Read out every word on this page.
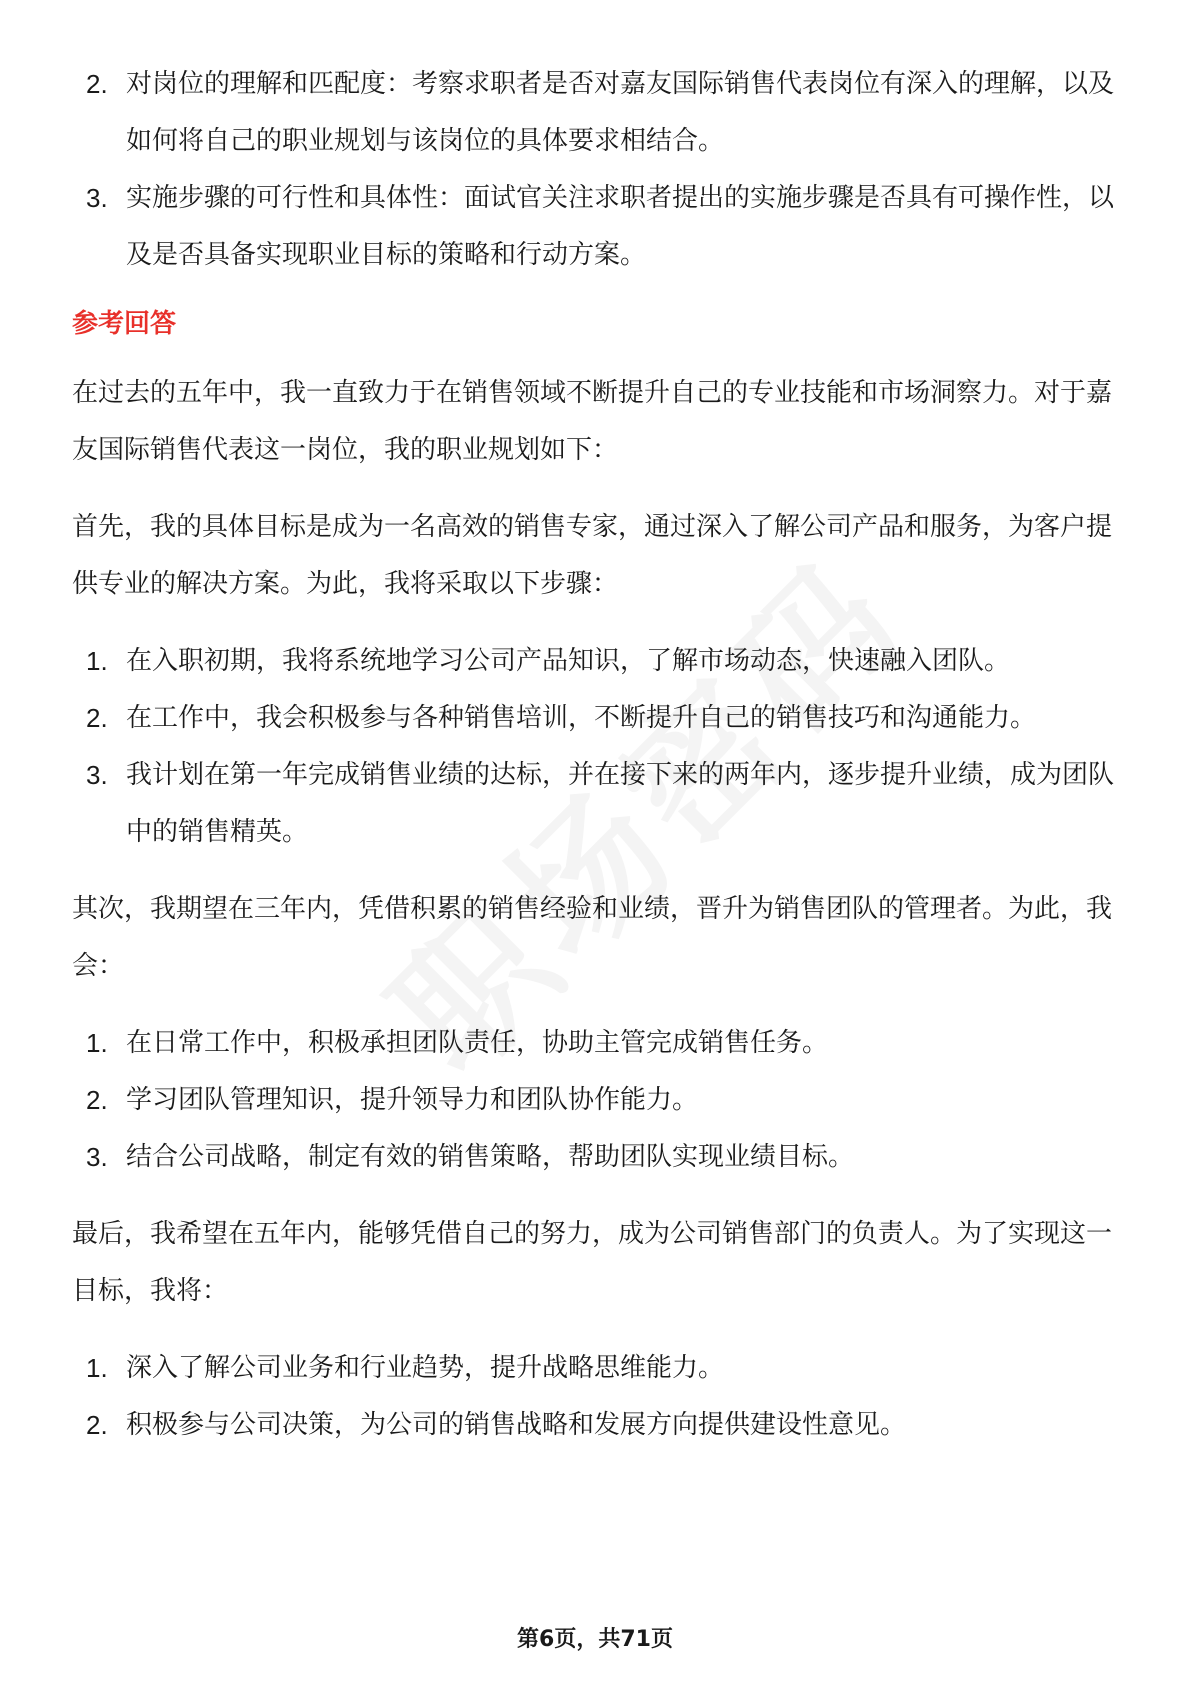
2. 对岗位的理解和匹配度：考察求职者是否对嘉友国际销售代表岗位有深入的理解，以及如何将自己的职业规划与该岗位的具体要求相结合。
3. 实施步骤的可行性和具体性：面试官关注求职者提出的实施步骤是否具有可操作性，以及是否具备实现职业目标的策略和行动方案。

参考回答

在过去的五年中，我一直致力于在销售领域不断提升自己的专业技能和市场洞察力。对于嘉友国际销售代表这一岗位，我的职业规划如下：

首先，我的具体目标是成为一名高效的销售专家，通过深入了解公司产品和服务，为客户提供专业的解决方案。为此，我将采取以下步骤：

1. 在入职初期，我将系统地学习公司产品知识，了解市场动态，快速融入团队。
2. 在工作中，我会积极参与各种销售培训，不断提升自己的销售技巧和沟通能力。
3. 我计划在第一年完成销售业绩的达标，并在接下来的两年内，逐步提升业绩，成为团队中的销售精英。

其次，我期望在三年内，凭借积累的销售经验和业绩，晋升为销售团队的管理者。为此，我会：

1. 在日常工作中，积极承担团队责任，协助主管完成销售任务。
2. 学习团队管理知识，提升领导力和团队协作能力。
3. 结合公司战略，制定有效的销售策略，帮助团队实现业绩目标。

最后，我希望在五年内，能够凭借自己的努力，成为公司销售部门的负责人。为了实现这一目标，我将：

1. 深入了解公司业务和行业趋势，提升战略思维能力。
2. 积极参与公司决策，为公司的销售战略和发展方向提供建设性意见。
第6页，共71页
